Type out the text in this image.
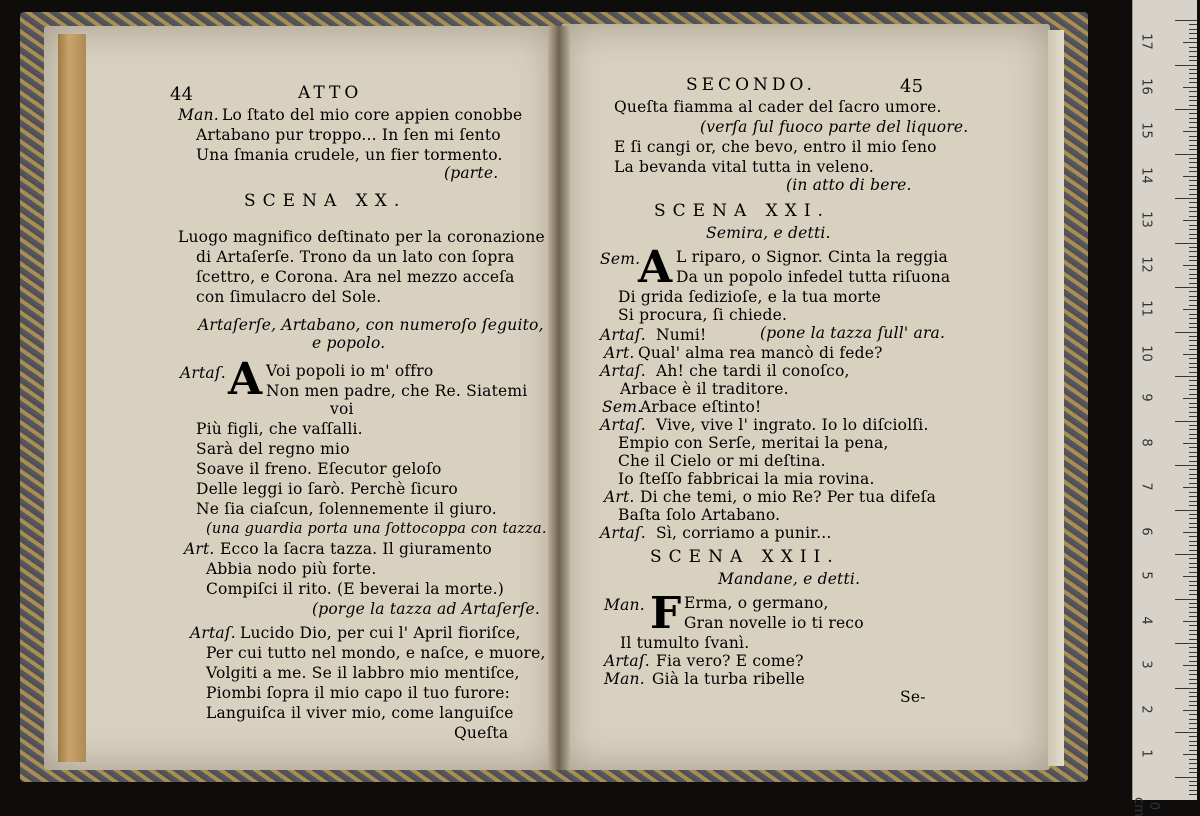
44	ATTO
Man. Lo ſtato del mio core appien conobbe
Artabano pur troppo... In ſen mi ſento
Una ſmania crudele, un fier tormento.
(parte.
SCENA XX.
Luogo magnifico deſtinato per la coronazione
di Artaſerſe. Trono da un lato con ſopra
ſcettro, e Corona. Ara nel mezzo acceſa
con ſimulacro del Sole.
Artaſerſe, Artabano, con numeroſo ſeguito,
e popolo.
Artaſ. A Voi popoli io m' offro
Non men padre, che Re. Siatemi
voi
Più figli, che vaſſalli.
Sarà del regno mio
Soave il freno. Eſecutor geloſo
Delle leggi io ſarò. Perchè ſicuro
Ne ſia ciaſcun, ſolennemente il giuro.
(una guardia porta una ſottocoppa con tazza.
Art. Ecco la ſacra tazza. Il giuramento
Abbia nodo più forte.
Compiſci il rito. (E beverai la morte.)
(porge la tazza ad Artaſerſe.
Artaſ. Lucido Dio, per cui l' April fioriſce,
Per cui tutto nel mondo, e naſce, e muore,
Volgiti a me. Se il labbro mio mentiſce,
Piombi ſopra il mio capo il tuo furore:
Languiſca il viver mio, come languiſce
Queſta
SECONDO.	45
Queſta fiamma al cader del ſacro umore.
(verſa ſul fuoco parte del liquore.
E ſi cangi or, che bevo, entro il mio ſeno
La bevanda vital tutta in veleno.
(in atto di bere.
SCENA XXI.
Semira, e detti.
Sem.
A L riparo, o Signor. Cinta la reggia
Da un popolo infedel tutta riſuona
Di grida ſedizioſe, e la tua morte
Si procura, ſi chiede.
Artaſ. Numi!	(pone la tazza ſull' ara.
Art. Qual' alma rea mancò di fede?
Artaſ. Ah! che tardi il conoſco,
Arbace è il traditore.
Sem.
Arbace eſtinto!
Artaſ. Vive, vive l' ingrato. Io lo diſciolſi.
Empio con Serſe, meritai la pena,
Che il Cielo or mi deſtina.
Io ſteſſo fabbricai la mia rovina.
Art. Di che temi, o mio Re? Per tua difeſa
Baſta ſolo Artabano.
Artaſ. Sì, corriamo a punir...
SCENA XXII.
Mandane, e detti.
Man. F Erma, o germano,
Gran novelle io ti reco
Il tumulto ſvanì.
Artaſ. Fia vero? E come?
Man. Già la turba ribelle
Se-
17
16
15
14
13
12
11
10
9
8
7
6
5
4
3
2
1
0 cm
